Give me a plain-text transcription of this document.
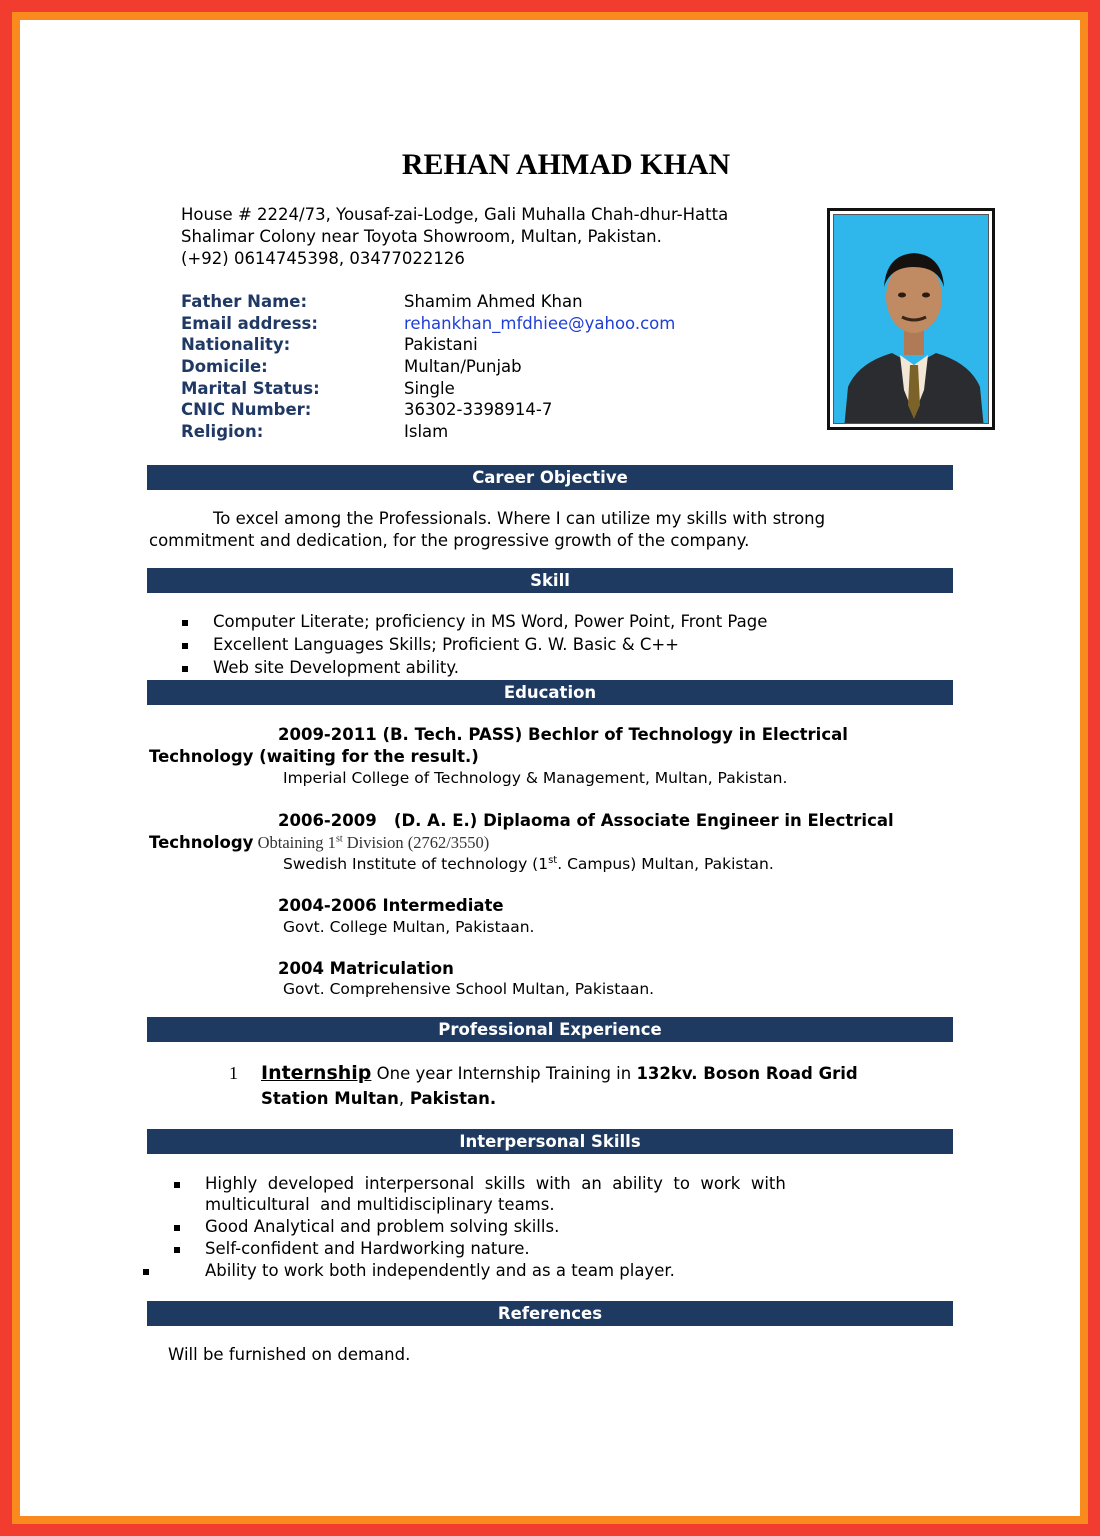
REHAN AHMAD KHAN
House # 2224/73, Yousaf-zai-Lodge, Gali Muhalla Chah-dhur-Hatta
Shalimar Colony near Toyota Showroom, Multan, Pakistan.
(+92) 0614745398, 03477022126
Father Name:	Shamim Ahmed Khan
Email address:	rehankhan_mfdhiee@yahoo.com
Nationality:	Pakistani
Domicile:	Multan/Punjab
Marital Status:	Single
CNIC Number:	36302-3398914-7
Religion:	Islam
Career Objective
To excel among the Professionals. Where I can utilize my skills with strong
commitment and dedication, for the progressive growth of the company.
Skill
Computer Literate; proficiency in MS Word, Power Point, Front Page
Excellent Languages Skills; Proficient G. W. Basic & C++
Web site Development ability.
Education
2009-2011 (B. Tech. PASS) Bechlor of Technology in Electrical
Technology (waiting for the result.)
Imperial College of Technology & Management, Multan, Pakistan.
2006-2009   (D. A. E.) Diplaoma of Associate Engineer in Electrical
Technology Obtaining 1st Division (2762/3550)
Swedish Institute of technology (1st. Campus) Multan, Pakistan.
2004-2006 Intermediate
Govt. College Multan, Pakistaan.
2004 Matriculation
Govt. Comprehensive School Multan, Pakistaan.
Professional Experience
1 Internship One year Internship Training in 132kv. Boson Road Grid
Station Multan, Pakistan.
Interpersonal Skills
Highly  developed  interpersonal  skills  with  an  ability  to  work  with
multicultural  and multidisciplinary teams.
Good Analytical and problem solving skills.
Self-confident and Hardworking nature.
Ability to work both independently and as a team player.
References
Will be furnished on demand.
